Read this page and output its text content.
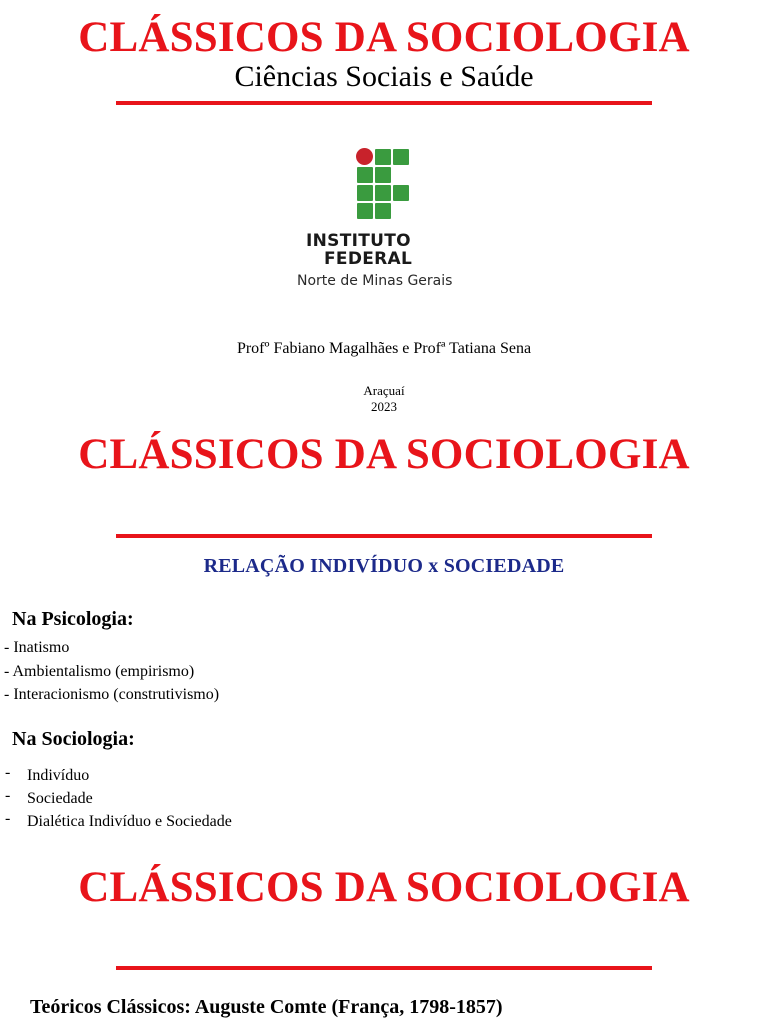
CLÁSSICOS DA SOCIOLOGIA
Ciências Sociais e Saúde
INSTITUTO
FEDERAL
Norte de Minas Gerais
Profº Fabiano Magalhães e Profª Tatiana Sena
Araçuaí
2023
CLÁSSICOS DA SOCIOLOGIA
RELAÇÃO INDIVÍDUO x SOCIEDADE
Na Psicologia:
- Inatismo
- Ambientalismo (empirismo)
- Interacionismo (construtivismo)
Na Sociologia:
- Indivíduo
- Sociedade
- Dialética Indivíduo e Sociedade
CLÁSSICOS DA SOCIOLOGIA
Teóricos Clássicos: Auguste Comte (França, 1798-1857)
